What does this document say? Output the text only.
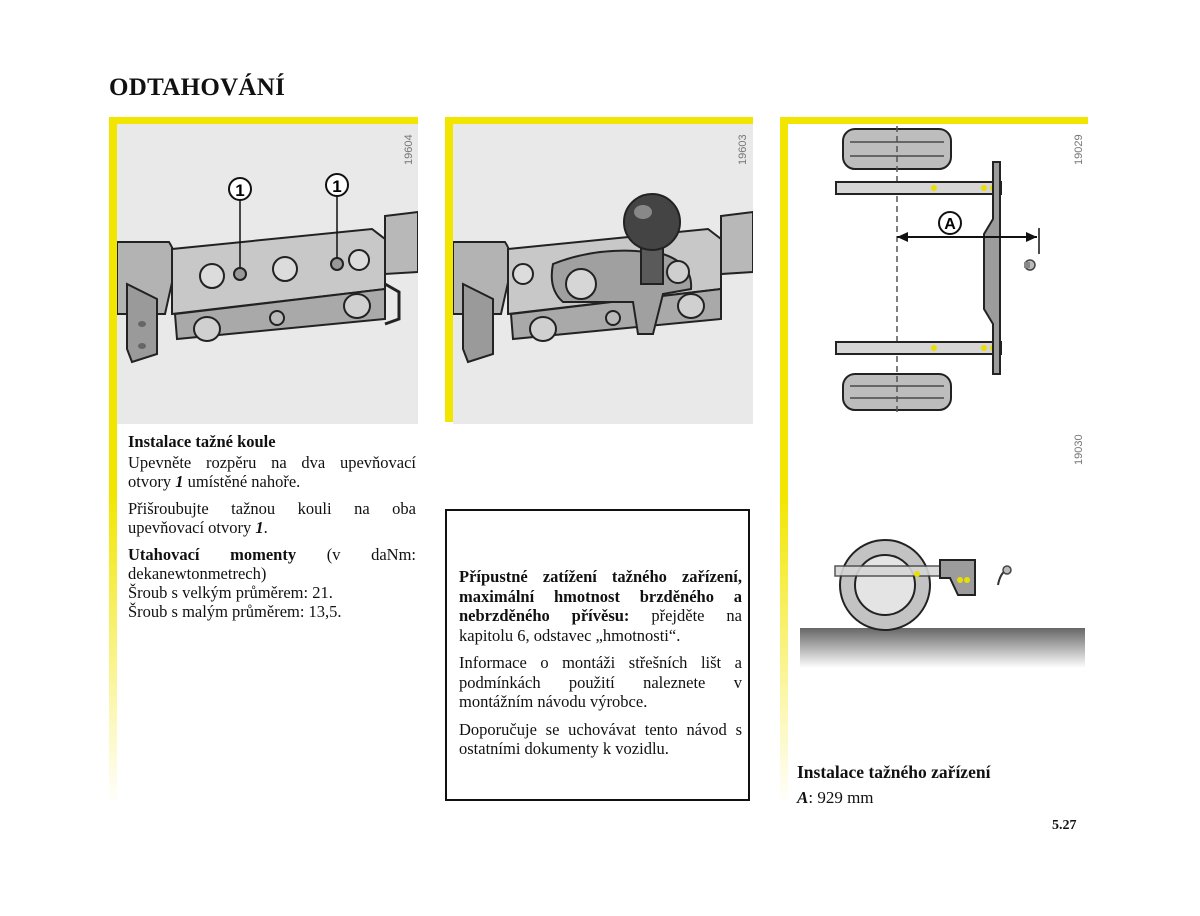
ODTAHOVÁNÍ
1	1
19604

Instalace tažné koule

Upevněte rozpěru na dva upevňovací otvory 1 umístěné nahoře.

Přišroubujte tažnou kouli na oba upevňovací otvory 1.

Utahovací momenty (v daNm: dekanewtonmetrech)

Šroub s velkým průměrem: 21.
Šroub s malým průměrem: 13,5.
19603

Přípustné zatížení tažného zařízení, maximální hmotnost brzděného a nebrzděného přívěsu: přejděte na kapitolu 6, odstavec „hmotnosti“.

Informace o montáži střešních lišt a podmínkách použití naleznete v montážním návodu výrobce.

Doporučuje se uchovávat tento návod s ostatními dokumenty k vozidlu.

A
19029
19030
Instalace tažného zařízení
A: 929 mm
5.27
